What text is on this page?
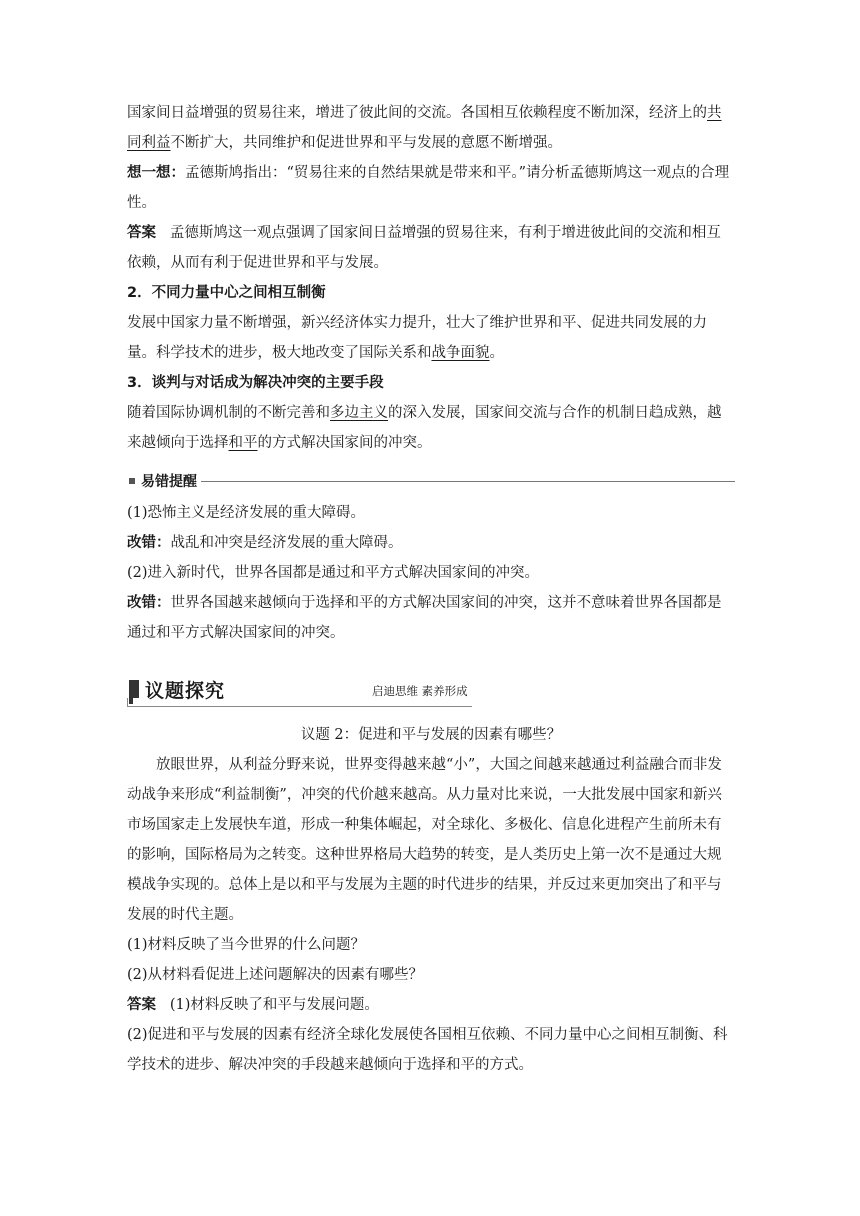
国家间日益增强的贸易往来，增进了彼此间的交流。各国相互依赖程度不断加深，经济上的共同利益不断扩大，共同维护和促进世界和平与发展的意愿不断增强。

想一想：孟德斯鸠指出：“贸易往来的自然结果就是带来和平。”请分析孟德斯鸠这一观点的合理性。

答案 孟德斯鸠这一观点强调了国家间日益增强的贸易往来，有利于增进彼此间的交流和相互依赖，从而有利于促进世界和平与发展。

2．不同力量中心之间相互制衡

发展中国家力量不断增强，新兴经济体实力提升，壮大了维护世界和平、促进共同发展的力量。科学技术的进步，极大地改变了国际关系和战争面貌。

3．谈判与对话成为解决冲突的主要手段

随着国际协调机制的不断完善和多边主义的深入发展，国家间交流与合作的机制日趋成熟，越来越倾向于选择和平的方式解决国家间的冲突。

易错提醒

(1)恐怖主义是经济发展的重大障碍。

改错：战乱和冲突是经济发展的重大障碍。

(2)进入新时代，世界各国都是通过和平方式解决国家间的冲突。

改错：世界各国越来越倾向于选择和平的方式解决国家间的冲突，这并不意味着世界各国都是通过和平方式解决国家间的冲突。

议题探究	启迪思维 素养形成

议题 2：促进和平与发展的因素有哪些？

放眼世界，从利益分野来说，世界变得越来越“小”，大国之间越来越通过利益融合而非发动战争来形成“利益制衡”，冲突的代价越来越高。从力量对比来说，一大批发展中国家和新兴市场国家走上发展快车道，形成一种集体崛起，对全球化、多极化、信息化进程产生前所未有的影响，国际格局为之转变。这种世界格局大趋势的转变，是人类历史上第一次不是通过大规模战争实现的。总体上是以和平与发展为主题的时代进步的结果，并反过来更加突出了和平与发展的时代主题。

(1)材料反映了当今世界的什么问题？

(2)从材料看促进上述问题解决的因素有哪些？

答案 (1)材料反映了和平与发展问题。

(2)促进和平与发展的因素有经济全球化发展使各国相互依赖、不同力量中心之间相互制衡、科学技术的进步、解决冲突的手段越来越倾向于选择和平的方式。
